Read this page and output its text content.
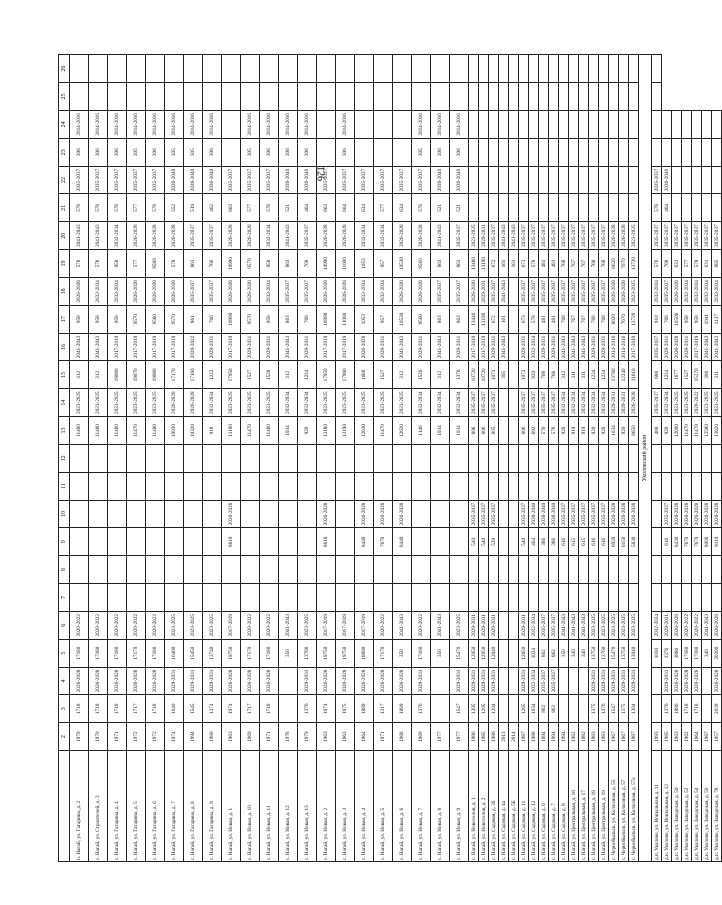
126
	2	3	4	5	6	7	8	9	10	11	12	13	14	15	16	17	18	19	20	21	22	23	24	25	26
п. Нагай, ул. Гагарина, д. 2	1970	1718	2026-2028	17180	2020-2022							11480	2023-2025	312	2041-2043	958	2026-2028	578	2041-2043	578	2035-2037	306	2014-2016		
с. Нагай, ул. Строителей, д. 3	1970	1718	2026-2028	17180	2020-2022							11480	2023-2025	312	2041-2043	958	2032-2034	578	2041-2043	578	2035-2037	306	2014-2016		
с. Нагай, ул. Гагарина, д. 4	1971	1718	2026-2028	17180	2020-2022							11480	2023-2025	19080	2017-2019	958	2032-2034	958	2032-2034	578	2035-2037	306	2014-2016		
с. Нагай, ул. Гагарина, д. 5	1972	1717	2026-2028	17170	2020-2022							11470	2023-2025	19070	2017-2019	9570	2026-2028	577	2026-2028	577	2035-2037	305	2014-2016		
с. Нагай, ул. Гагарина, д. 6	1972	1718	2026-2028	17180	2020-2022							11480	2023-2025	19080	2017-2019	9580	2026-2028	9580	2026-2028	578	2035-2037	306	2014-2016		
с. Нагай, ул. Гагарина, д. 7	1974	1640	2029-2031	16400	2023-2025							10930	2026-2028	17170	2017-2019	9570	2026-2028	578	2026-2028	552	2038-2040	305	2014-2016		
с. Нагай, ул. Гагарина, д. 8	1994	1545	2029-2031	15450	2023-2025							10320	2026-2028	17160	2020-2022	861	2035-2037	861	2035-2037	519	2038-2040	305	2014-2016		
с. Нагай, ул. Гагарина, д. 9	1980	1374	2029-2031	13740	2023-2025							918	2032-2034	1222	2029-2031	766	2035-2037	766	2035-2037	462	2038-2040	306	2014-2016		
с. Нагай, ул. Новая, д. 1	1963	1974	2026-2028	19750	2017-2019			8810	2026-2028			13180	2023-2025	17950	2017-2019	10990	2026-2028	10990	2026-2028	663	2035-2037				
с. Нагай, ул. Новая, д. 10	1969	1717	2026-2028	17170	2020-2022							11470	2023-2025	1527	2029-2031	9570	2026-2028	9570	2026-2028	577	2035-2037	305	2014-2016		
с. Нагай, ул. Новая, д. 11	1971	1718	2026-2028	17180	2020-2022							11480	2023-2025	1528	2029-2031	958	2032-2034	958	2032-2034	578	2035-2037	306	2014-2016		
с. Нагай, ул. Новая, д. 12	1978			350	2041-2043							1034	2032-2034	312	2041-2043	863	2035-2037	863	2041-2043	521	2038-2040	306	2014-2016		
с. Нагай, ул. Новая, д. 13	1979	1376	2029-2031	13760	2023-2025							920	2032-2034	1224	2029-2031	768	2035-2037	768	2035-2037	464	2038-2040	306	2014-2016		
с. Нагай, ул. Новая, д. 2	1963	1974	2026-2028	19750	2017-2019			8810	2026-2028			13180	2023-2025	17950	2017-2019	10990	2026-2028	10990	2026-2028	663	2035-2037				
с. Нагай, ул. Новая, д. 3	1963	1975	2026-2028	19750	2017-2019							13190	2023-2025	17960	2017-2019	11000	2026-2028	11000	2026-2028	664	2035-2037	306	2014-2016		
с. Нагай, ул. Новая, д. 4	1964	1889	2026-2028	18890	2017-2019			8440	2026-2028			12630	2023-2025	1680	2026-2028	1053	2032-2034	1053	2032-2034	634	2035-2037				
с. Нагай, ул. Новая, д. 5	1971	1317	2026-2028	17170	2020-2022			7670	2026-2028			11470	2023-2025	1527	2029-2031	957	2032-2034	957	2032-2034	577	2035-2037				
с. Нагай, ул. Новая, д. 6	1968	1889	2026-2028	350	2041-2043			8440	2026-2028			12620	2023-2025	312	2041-2043	10530	2026-2028	10530	2026-2028	634	2035-2037				
с. Нагай, ул. Новая, д. 7	1969	1376	2029-2031	17160	2020-2022							1146	2032-2034	1526	2029-2031	9560	2026-2028	9560	2026-2028	576	2035-2037	305	2014-2016		
с. Нагай, ул. Новая, д. 8	1977			350	2041-2043							1034	2032-2034	312	2041-2043	863	2035-2037	863	2041-2043	521	2038-2040	306	2014-2016		
с. Нагай, ул. Новая, д. 9	1977	1547	2029-2031	15470	2023-2025							1034	2032-2034	1376	2029-2031	863	2035-2037	863	2035-2037	521	2038-2040	306	2014-2016		
с. Нагай, ул. Новоселов, д. 1	1986	1205	2029-2031	12050	2029-2031			540	2035-2037			806	2035-2037	10720	2017-2019	13440	2026-2028	13480	2023-2025						
с. Нагай, ул. Новоселов, д. 2	1985	1205	2029-2031	12050	2029-2031			540	2035-2037			806	2035-2037	10720	2017-2019	13190	2029-2031	13190	2029-2031						
с. Нагай, ул. Садовая, д. 36	1986	1204	2029-2031	12040	2029-2031			539	2035-2037			805	2035-2037	1071	2029-2031	672	2035-2037	672	2035-2037						
с. Нагай, ул. Садовая, д. 4а	2013													305	2041-2043	161	2041-2043	161	2041-2043						
с. Нагай, ул. Садовая, д. 5Б	2014																	161	2041-2043						
с. Нагай, ул. Садовая, д. 11	1987	1265	2029-2031	12650	2029-2031			540	2035-2037			806	2035-2037	1072	2029-2031	673	2035-2037	673	2035-2037						
с. Нагай, ул. Садовая, д. 12	1988	1034	2032-2034	1034	2032-2034			464	2038-2040			692	2035-2037	920	2032-2034	578	2035-2037	578	2035-2037						
с. Нагай, ул. Садовая, д. 6	1994	862	2035-2037	862	2035-2037			386	2038-2040			576	2035-2037	768	2029-2031	481	2035-2037	481	2035-2037						
с. Нагай, ул. Садовая, д. 7	1994	862	2035-2037	862	2035-2037			386	2038-2040			576	2035-2037	768	2029-2031	481	2035-2037	481	2035-2037						
с. Нагай, ул. Садовая, д. 8	1994			350	2041-2043			616	2035-2037			920	2032-2034	312	2041-2043	768	2035-2037	768	2035-2037						
с. Нагай, ул. Центральная, д. 16	1982			340	2041-2043			615	2035-2037			919	2032-2034	311	2041-2043	767	2035-2037	767	2035-2037						
с. Нагай, ул. Центральная, д. 17	1982			340	2041-2043			615	2035-2037			919	2032-2034	311	2041-2043	767	2035-2037	767	2035-2037						
с. Нагай, ул. Центральная, д. 18	1983	1375	2029-2031	13750	2023-2025			616	2035-2037			920	2032-2034	1224	2029-2031	768	2035-2037	768	2035-2037						
с. Нагай, ул. Центральная, д. 19	1983	1376	2029-2031	13760	2023-2025			616	2035-2037			920	2032-2034	1224	2029-2031	768	2035-2037	768	2035-2037						
с. Чернобыльск, ул. Колхозная, д. 55	1967	1547	2029-2031	15470	2023-2025			6920	2026-2028			1034	2029-2031	13760	2014-2016	8620	2026-2028	8620	2026-2028						
с. Чернобыльск, ул. Колхозная, д. 57	1967	1375	2029-2031	13750	2023-2025			6150	2026-2028			920	2029-2031	12240	2014-2016	7670	2026-2028	7670	2026-2028						
с. Чернобыльск, ул. Колхозная, д. 57а	1987	1304	2029-2031	13040	2023-2025			5830	2026-2028			8650	2026-2028	11610	2017-2019	13720	2023-2025	13720	2023-2025						
Уколовский район																									
д.п. Уколово, ул. Вокзальная, д. 11	1993			1030	2032-2034							460	2035-2037	688	2035-2037	910	2032-2034	576	2035-2037	576	2035-2037				
д.п. Уколово, ул. Вокзальная, д. 12	1985	1376	2029-2031	1376	2029-2031			616	2035-2037			920	2032-2034	1224	2029-2031	768	2035-2037	768	2035-2037	464	2038-2040				
д.п. Уколово, ул. Заводская, д. 50	1963	1886	2026-2028	1886	2026-2028			8430	2026-2028			12600	2023-2025	1677	2026-2028	10500	2026-2028	632	2035-2037						
д.п. Уколово, ул. Заводская, д. 52	1962	1718	2026-2028	17180	2020-2022			7670	2026-2028			11470	2023-2025	1527	2029-2031	958	2032-2034	577	2035-2037						
д.п. Уколово, ул. Заводская, д. 54	1964	1718	2026-2028	17180	2020-2022			7670	2026-2028			11470	2020-2022	15270	2017-2019	958	2032-2034	578	2035-2037						
д.п. Уколово, ул. Заводская, д. 56	1967			340	2041-2043			8000	2026-2028			12580	2023-2025	306	2041-2043	1041	2032-2034	631	2035-2037						
д.п. Уколово, ул. Заводская, д. 78	1957	2039	2026-2028	20390	2026-2028			9110	2026-2028			13620	2023-2025	311	2041-2043	1137	2032-2034	685	2035-2037						
